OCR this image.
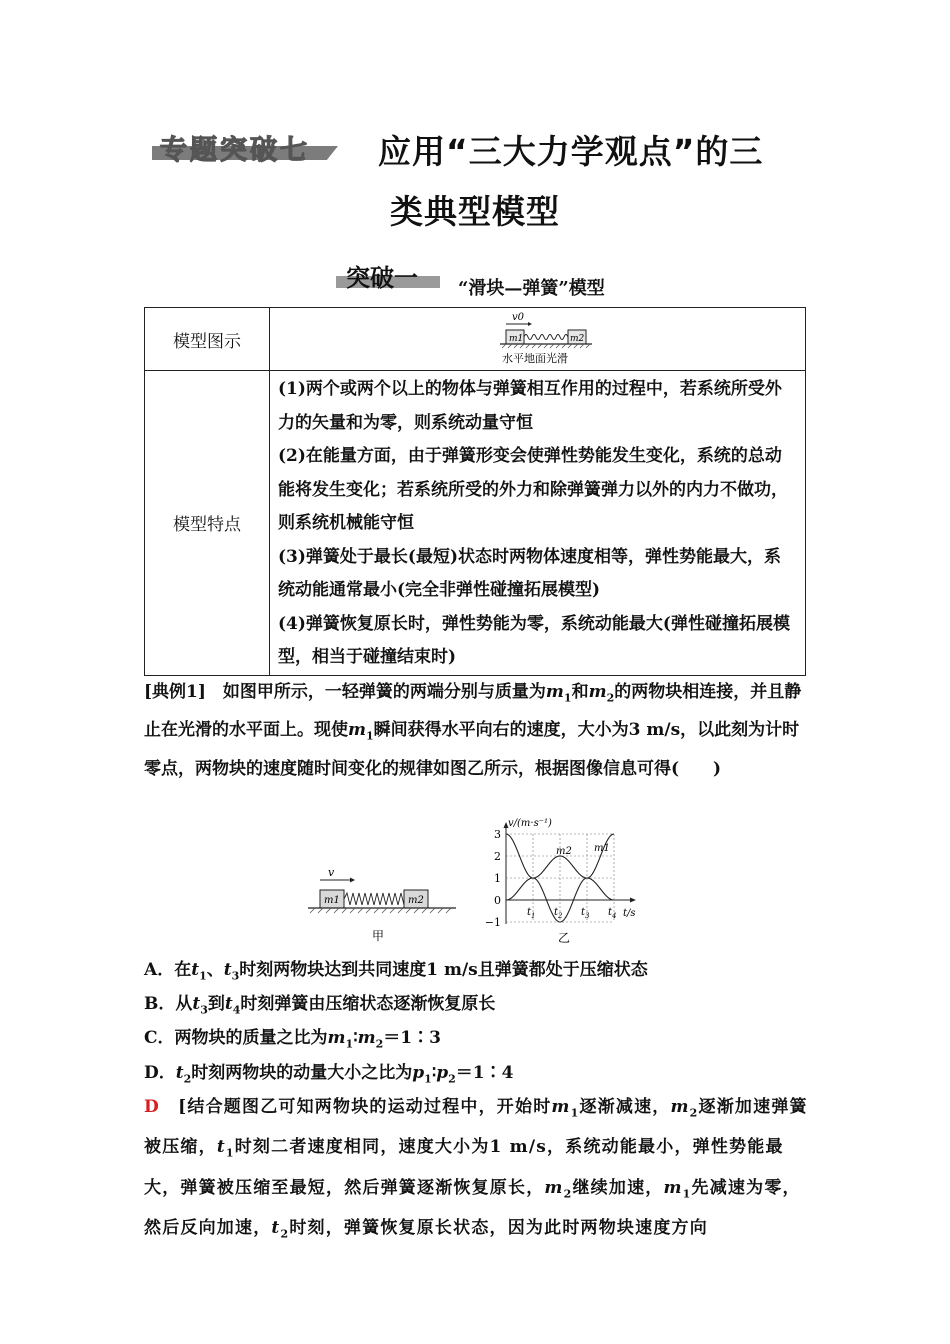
专题突破七 应用“三大力学观点”的三
类典型模型
突破一 “滑块—弹簧”模型
模型图示	v0
m1 m2
水平地面光滑

模型特点	(1)两个或两个以上的物体与弹簧相互作用的过程中，若系统所受外力的矢量和为零，则系统动量守恒
(2)在能量方面，由于弹簧形变会使弹性势能发生变化，系统的总动能将发生变化；若系统所受的外力和除弹簧弹力以外的内力不做功，则系统机械能守恒
(3)弹簧处于最长(最短)状态时两物体速度相等，弹性势能最大，系统动能通常最小(完全非弹性碰撞拓展模型)
(4)弹簧恢复原长时，弹性势能为零，系统动能最大(弹性碰撞拓展模型，相当于碰撞结束时)
[典例1]　如图甲所示，一轻弹簧的两端分别与质量为$m_1$和$m_2$的两物块相连接，并且静止在光滑的水平面上。现使$m_1$瞬间获得水平向右的速度，大小为3 m/s，以此刻为计时零点，两物块的速度随时间变化的规律如图乙所示，根据图像信息可得(　　)
v
m1	m2
甲
v/(m·s⁻¹)
t/s
3
2
1
0
−1
$t_1$ $t_2$ $t_3$ $t_4$
m2 m1
乙
A．在$t_1$、$t_3$时刻两物块达到共同速度1 m/s且弹簧都处于压缩状态
B．从$t_3$到$t_4$时刻弹簧由压缩状态逐渐恢复原长
C．两物块的质量之比为$m_1∶m_2=1∶3$
D．$t_2$时刻两物块的动量大小之比为$p_1∶p_2=1∶4$
D　[结合题图乙可知两物块的运动过程中，开始时$m_1$逐渐减速，$m_2$逐渐加速弹簧被压缩，$t_1$时刻二者速度相同，速度大小为1 m/s，系统动能最小，弹性势能最大，弹簧被压缩至最短，然后弹簧逐渐恢复原长，$m_2$继续加速，$m_1$先减速为零，然后反向加速，$t_2$时刻，弹簧恢复原长状态，因为此时两物块速度方向
